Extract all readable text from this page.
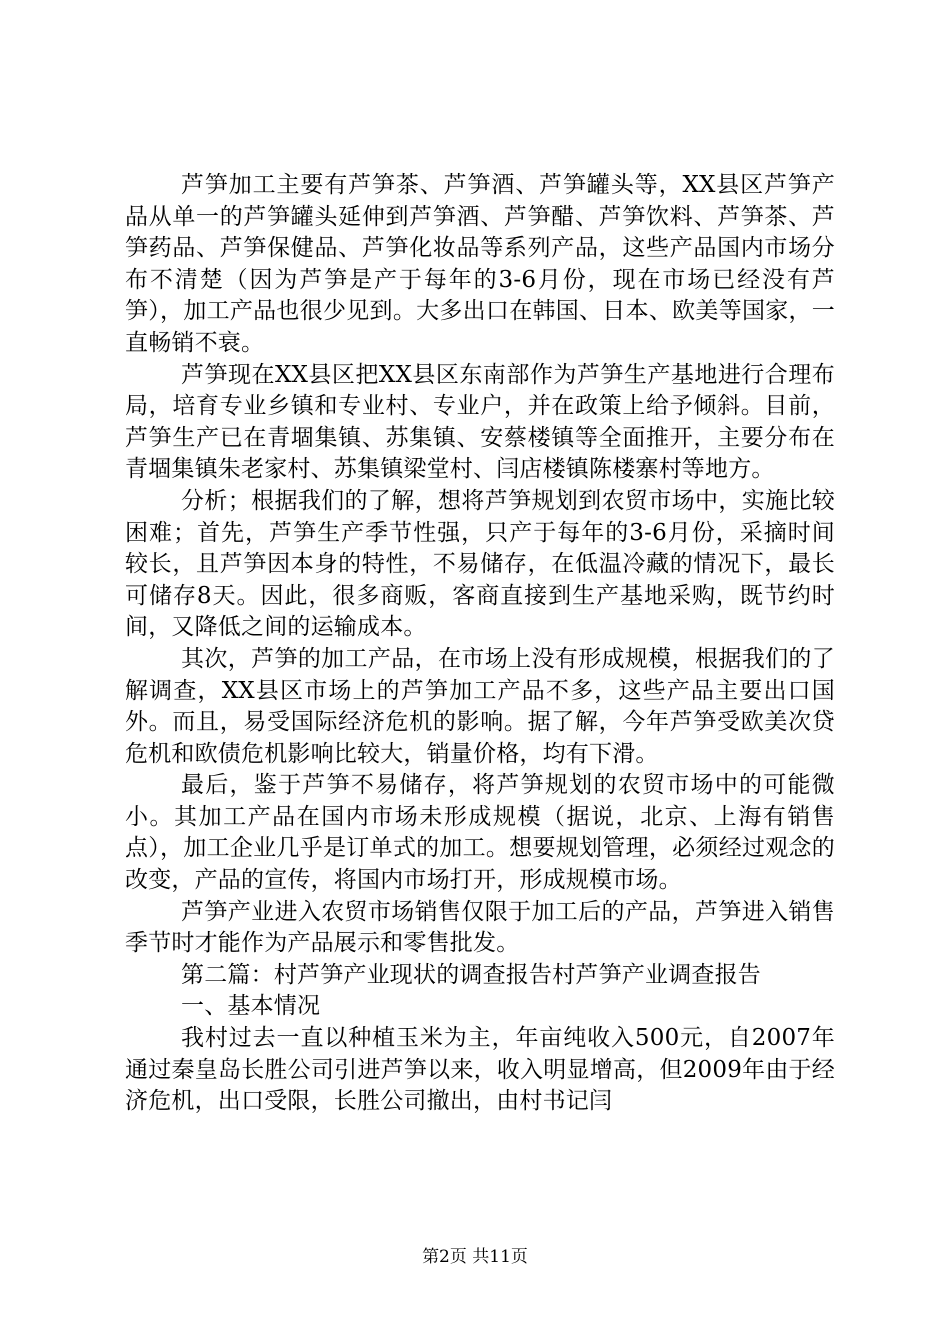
芦笋加工主要有芦笋茶、芦笋酒、芦笋罐头等，XX县区芦笋产品从单一的芦笋罐头延伸到芦笋酒、芦笋醋、芦笋饮料、芦笋茶、芦笋药品、芦笋保健品、芦笋化妆品等系列产品，这些产品国内市场分布不清楚（因为芦笋是产于每年的3-6月份，现在市场已经没有芦笋），加工产品也很少见到。大多出口在韩国、日本、欧美等国家，一直畅销不衰。

芦笋现在XX县区把XX县区东南部作为芦笋生产基地进行合理布局，培育专业乡镇和专业村、专业户，并在政策上给予倾斜。目前，芦笋生产已在青堌集镇、苏集镇、安蔡楼镇等全面推开，主要分布在青堌集镇朱老家村、苏集镇梁堂村、闫店楼镇陈楼寨村等地方。

分析；根据我们的了解，想将芦笋规划到农贸市场中，实施比较困难；首先，芦笋生产季节性强，只产于每年的3-6月份，采摘时间较长，且芦笋因本身的特性，不易储存，在低温冷藏的情况下，最长可储存8天。因此，很多商贩，客商直接到生产基地采购，既节约时间，又降低之间的运输成本。

其次，芦笋的加工产品，在市场上没有形成规模，根据我们的了解调查，XX县区市场上的芦笋加工产品不多，这些产品主要出口国外。而且，易受国际经济危机的影响。据了解，今年芦笋受欧美次贷危机和欧债危机影响比较大，销量价格，均有下滑。

最后，鉴于芦笋不易储存，将芦笋规划的农贸市场中的可能微小。其加工产品在国内市场未形成规模（据说，北京、上海有销售点），加工企业几乎是订单式的加工。想要规划管理，必须经过观念的改变，产品的宣传，将国内市场打开，形成规模市场。

芦笋产业进入农贸市场销售仅限于加工后的产品，芦笋进入销售季节时才能作为产品展示和零售批发。

第二篇：村芦笋产业现状的调查报告村芦笋产业调查报告

一、基本情况

我村过去一直以种植玉米为主，年亩纯收入500元，自2007年通过秦皇岛长胜公司引进芦笋以来，收入明显增高，但2009年由于经济危机，出口受限，长胜公司撤出，由村书记闫

第2页 共11页
